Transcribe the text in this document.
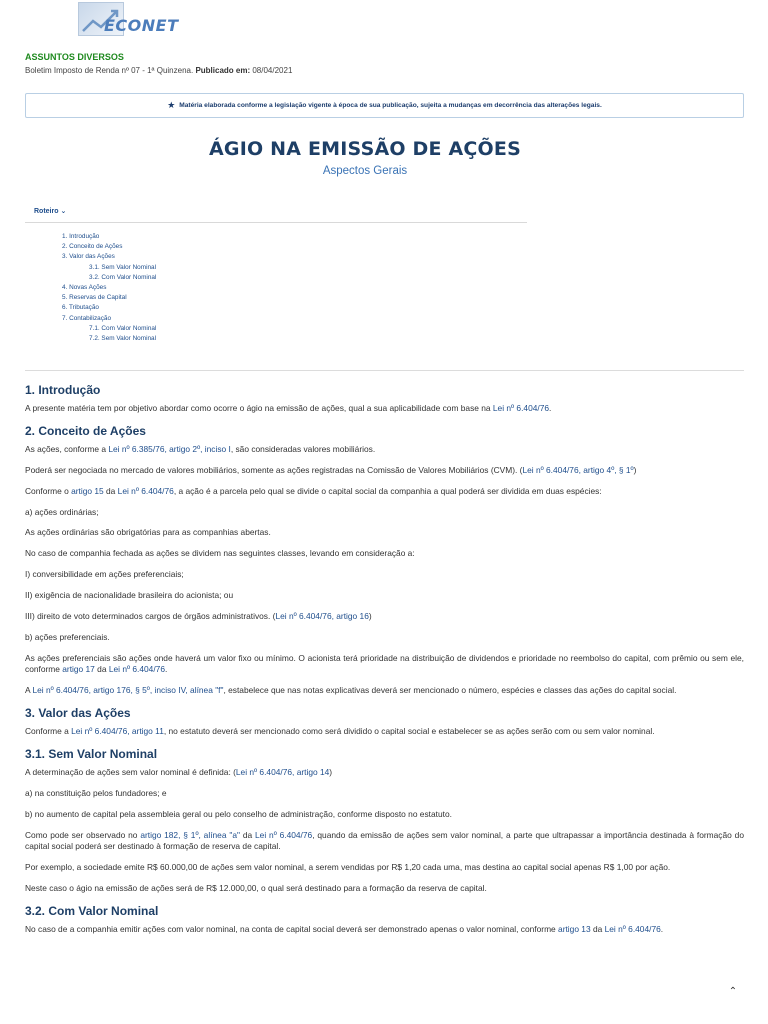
ECONET
ASSUNTOS DIVERSOS
Boletim Imposto de Renda nº 07 - 1ª Quinzena. Publicado em: 08/04/2021
★ Matéria elaborada conforme a legislação vigente à época de sua publicação, sujeita a mudanças em decorrência das alterações legais.
ÁGIO NA EMISSÃO DE AÇÕES
Aspectos Gerais
Roteiro ⌄
1. Introdução
2. Conceito de Ações
3. Valor das Ações
3.1. Sem Valor Nominal
3.2. Com Valor Nominal
4. Novas Ações
5. Reservas de Capital
6. Tributação
7. Contabilização
7.1. Com Valor Nominal
7.2. Sem Valor Nominal
1. Introdução

A presente matéria tem por objetivo abordar como ocorre o ágio na emissão de ações, qual a sua aplicabilidade com base na Lei nº 6.404/76.

2. Conceito de Ações

As ações, conforme a Lei nº 6.385/76, artigo 2º, inciso I, são consideradas valores mobiliários.

Poderá ser negociada no mercado de valores mobiliários, somente as ações registradas na Comissão de Valores Mobiliários (CVM). (Lei nº 6.404/76, artigo 4º, § 1º)

Conforme o artigo 15 da Lei nº 6.404/76, a ação é a parcela pelo qual se divide o capital social da companhia a qual poderá ser dividida em duas espécies:

a) ações ordinárias;

As ações ordinárias são obrigatórias para as companhias abertas.

No caso de companhia fechada as ações se dividem nas seguintes classes, levando em consideração a:

I) conversibilidade em ações preferenciais;

II) exigência de nacionalidade brasileira do acionista; ou

III) direito de voto determinados cargos de órgãos administrativos. (Lei nº 6.404/76, artigo 16)

b) ações preferenciais.

As ações preferenciais são ações onde haverá um valor fixo ou mínimo. O acionista terá prioridade na distribuição de dividendos e prioridade no reembolso do capital, com prêmio ou sem ele, conforme artigo 17 da Lei nº 6.404/76.

A Lei nº 6.404/76, artigo 176, § 5º, inciso IV, alínea "f", estabelece que nas notas explicativas deverá ser mencionado o número, espécies e classes das ações do capital social.

3. Valor das Ações

Conforme a Lei nº 6.404/76, artigo 11, no estatuto deverá ser mencionado como será dividido o capital social e estabelecer se as ações serão com ou sem valor nominal.

3.1. Sem Valor Nominal

A determinação de ações sem valor nominal é definida: (Lei nº 6.404/76, artigo 14)

a) na constituição pelos fundadores; e

b) no aumento de capital pela assembleia geral ou pelo conselho de administração, conforme disposto no estatuto.

Como pode ser observado no artigo 182, § 1º, alínea "a" da Lei nº 6.404/76, quando da emissão de ações sem valor nominal, a parte que ultrapassar a importância destinada à formação do capital social poderá ser destinado à formação de reserva de capital.

Por exemplo, a sociedade emite R$ 60.000,00 de ações sem valor nominal, a serem vendidas por R$ 1,20 cada uma, mas destina ao capital social apenas R$ 1,00 por ação.

Neste caso o ágio na emissão de ações será de R$ 12.000,00, o qual será destinado para a formação da reserva de capital.

3.2. Com Valor Nominal

No caso de a companhia emitir ações com valor nominal, na conta de capital social deverá ser demonstrado apenas o valor nominal, conforme artigo 13 da Lei nº 6.404/76.

⌃
